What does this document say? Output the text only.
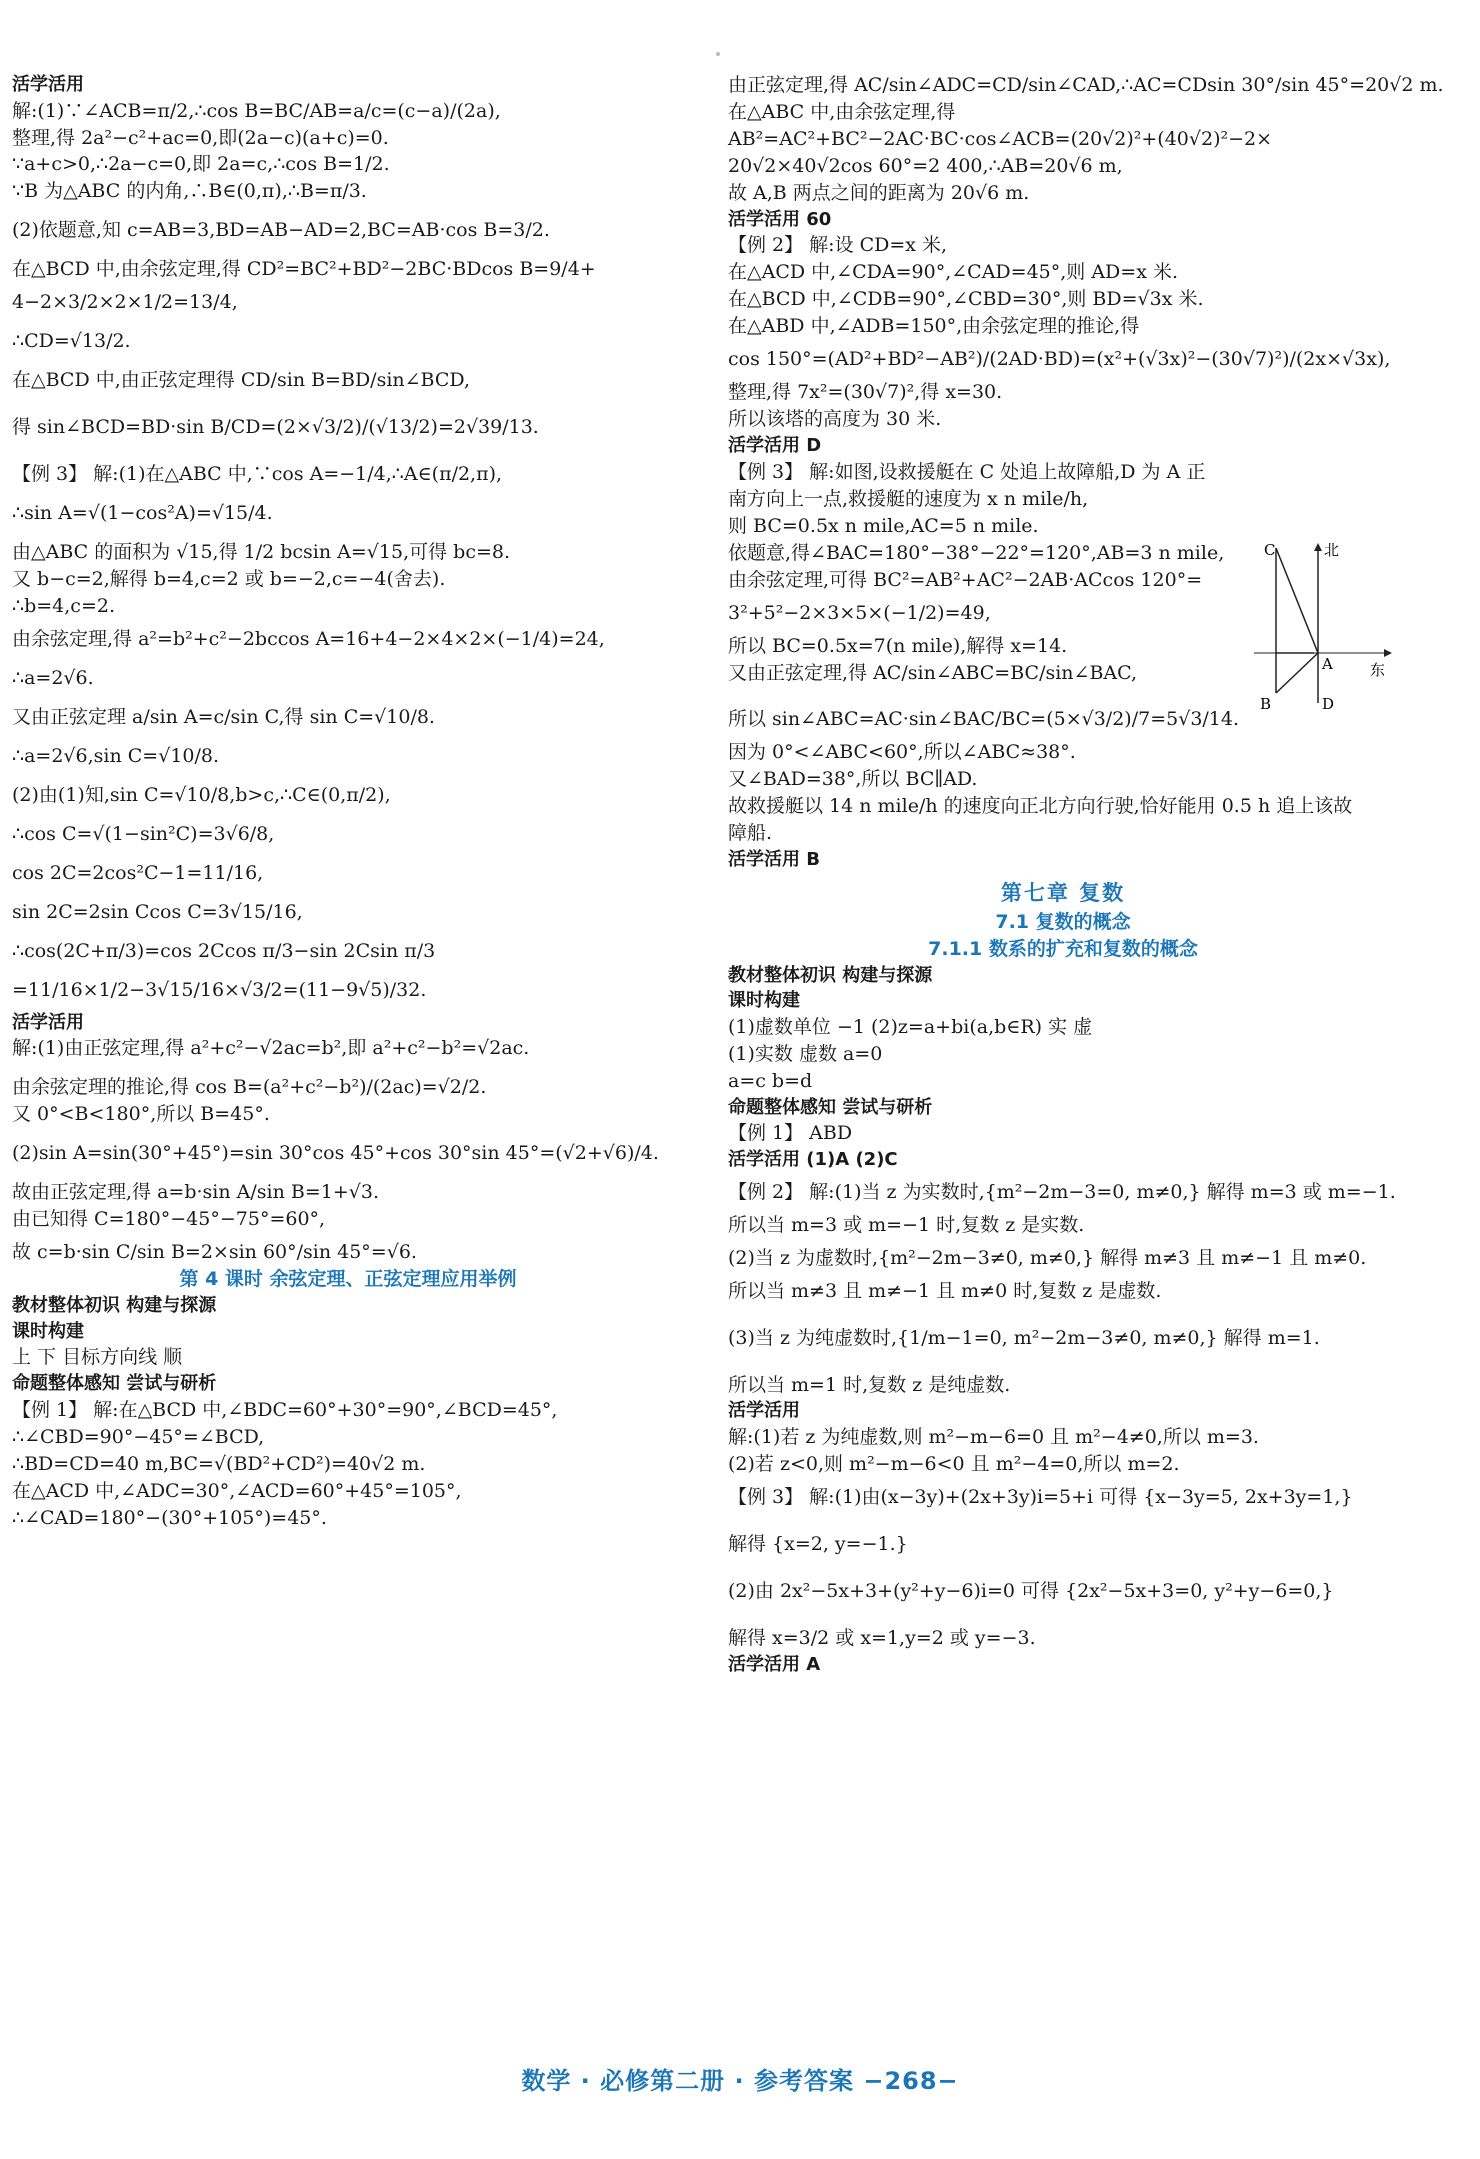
活学活用
解:(1)∵∠ACB=π/2,∴cos B=BC/AB=a/c=(c−a)/(2a),
整理,得 2a²−c²+ac=0,即(2a−c)(a+c)=0.
∵a+c>0,∴2a−c=0,即 2a=c,∴cos B=1/2.
∵B 为△ABC 的内角,∴B∈(0,π),∴B=π/3.
(2)依题意,知 c=AB=3,BD=AB−AD=2,BC=AB·cos B=3/2.
在△BCD 中,由余弦定理,得 CD²=BC²+BD²−2BC·BDcos B=9/4+
4−2×3/2×2×1/2=13/4,
∴CD=√13/2.
在△BCD 中,由正弦定理得 CD/sin B=BD/sin∠BCD,
得 sin∠BCD=BD·sin B/CD=(2×√3/2)/(√13/2)=2√39/13.
【例 3】 解:(1)在△ABC 中,∵cos A=−1/4,∴A∈(π/2,π),
∴sin A=√(1−cos²A)=√15/4.
由△ABC 的面积为 √15,得 1/2 bcsin A=√15,可得 bc=8.
又 b−c=2,解得 b=4,c=2 或 b=−2,c=−4(舍去).
∴b=4,c=2.
由余弦定理,得 a²=b²+c²−2bccos A=16+4−2×4×2×(−1/4)=24,
∴a=2√6.
又由正弦定理 a/sin A=c/sin C,得 sin C=√10/8.
∴a=2√6,sin C=√10/8.
(2)由(1)知,sin C=√10/8,b>c,∴C∈(0,π/2),
∴cos C=√(1−sin²C)=3√6/8,
cos 2C=2cos²C−1=11/16,
sin 2C=2sin Ccos C=3√15/16,
∴cos(2C+π/3)=cos 2Ccos π/3−sin 2Csin π/3
=11/16×1/2−3√15/16×√3/2=(11−9√5)/32.
活学活用
解:(1)由正弦定理,得 a²+c²−√2ac=b²,即 a²+c²−b²=√2ac.
由余弦定理的推论,得 cos B=(a²+c²−b²)/(2ac)=√2/2.
又 0°<B<180°,所以 B=45°.
(2)sin A=sin(30°+45°)=sin 30°cos 45°+cos 30°sin 45°=(√2+√6)/4.
故由正弦定理,得 a=b·sin A/sin B=1+√3.
由已知得 C=180°−45°−75°=60°,
故 c=b·sin C/sin B=2×sin 60°/sin 45°=√6.
第 4 课时 余弦定理、正弦定理应用举例
教材整体初识 构建与探源
课时构建
上 下 目标方向线 顺
命题整体感知 尝试与研析
【例 1】 解:在△BCD 中,∠BDC=60°+30°=90°,∠BCD=45°,
∴∠CBD=90°−45°=∠BCD,
∴BD=CD=40 m,BC=√(BD²+CD²)=40√2 m.
在△ACD 中,∠ADC=30°,∠ACD=60°+45°=105°,
∴∠CAD=180°−(30°+105°)=45°.
由正弦定理,得 AC/sin∠ADC=CD/sin∠CAD,∴AC=CDsin 30°/sin 45°=20√2 m.
在△ABC 中,由余弦定理,得
AB²=AC²+BC²−2AC·BC·cos∠ACB=(20√2)²+(40√2)²−2×
20√2×40√2cos 60°=2 400,∴AB=20√6 m,
故 A,B 两点之间的距离为 20√6 m.
活学活用 60
【例 2】 解:设 CD=x 米,
在△ACD 中,∠CDA=90°,∠CAD=45°,则 AD=x 米.
在△BCD 中,∠CDB=90°,∠CBD=30°,则 BD=√3x 米.
在△ABD 中,∠ADB=150°,由余弦定理的推论,得
cos 150°=(AD²+BD²−AB²)/(2AD·BD)=(x²+(√3x)²−(30√7)²)/(2x×√3x),
整理,得 7x²=(30√7)²,得 x=30.
所以该塔的高度为 30 米.
活学活用 D
【例 3】 解:如图,设救援艇在 C 处追上故障船,D 为 A 正
南方向上一点,救援艇的速度为 x n mile/h,
则 BC=0.5x n mile,AC=5 n mile.
依题意,得∠BAC=180°−38°−22°=120°,AB=3 n mile,
由余弦定理,可得 BC²=AB²+AC²−2AB·ACcos 120°=
3²+5²−2×3×5×(−1/2)=49,
所以 BC=0.5x=7(n mile),解得 x=14.
又由正弦定理,得 AC/sin∠ABC=BC/sin∠BAC,
所以 sin∠ABC=AC·sin∠BAC/BC=(5×√3/2)/7=5√3/14.
因为 0°<∠ABC<60°,所以∠ABC≈38°.
又∠BAD=38°,所以 BC∥AD.
故救援艇以 14 n mile/h 的速度向正北方向行驶,恰好能用 0.5 h 追上该故
障船.
活学活用 B
第七章 复数
7.1 复数的概念
7.1.1 数系的扩充和复数的概念
教材整体初识 构建与探源
课时构建
(1)虚数单位 −1 (2)z=a+bi(a,b∈R) 实 虚
(1)实数 虚数 a=0
a=c b=d
命题整体感知 尝试与研析
【例 1】 ABD
活学活用 (1)A (2)C
【例 2】 解:(1)当 z 为实数时,{m²−2m−3=0, m≠0,} 解得 m=3 或 m=−1.
所以当 m=3 或 m=−1 时,复数 z 是实数.
(2)当 z 为虚数时,{m²−2m−3≠0, m≠0,} 解得 m≠3 且 m≠−1 且 m≠0.
所以当 m≠3 且 m≠−1 且 m≠0 时,复数 z 是虚数.
(3)当 z 为纯虚数时,{1/m−1=0, m²−2m−3≠0, m≠0,} 解得 m=1.
所以当 m=1 时,复数 z 是纯虚数.
活学活用
解:(1)若 z 为纯虚数,则 m²−m−6=0 且 m²−4≠0,所以 m=3.
(2)若 z<0,则 m²−m−6<0 且 m²−4=0,所以 m=2.
【例 3】 解:(1)由(x−3y)+(2x+3y)i=5+i 可得 {x−3y=5, 2x+3y=1,}
解得 {x=2, y=−1.}
(2)由 2x²−5x+3+(y²+y−6)i=0 可得 {2x²−5x+3=0, y²+y−6=0,}
解得 x=3/2 或 x=1,y=2 或 y=−3.
活学活用 A
C	北
A 东
B	D
数学 · 必修第二册 · 参考答案 −268−
